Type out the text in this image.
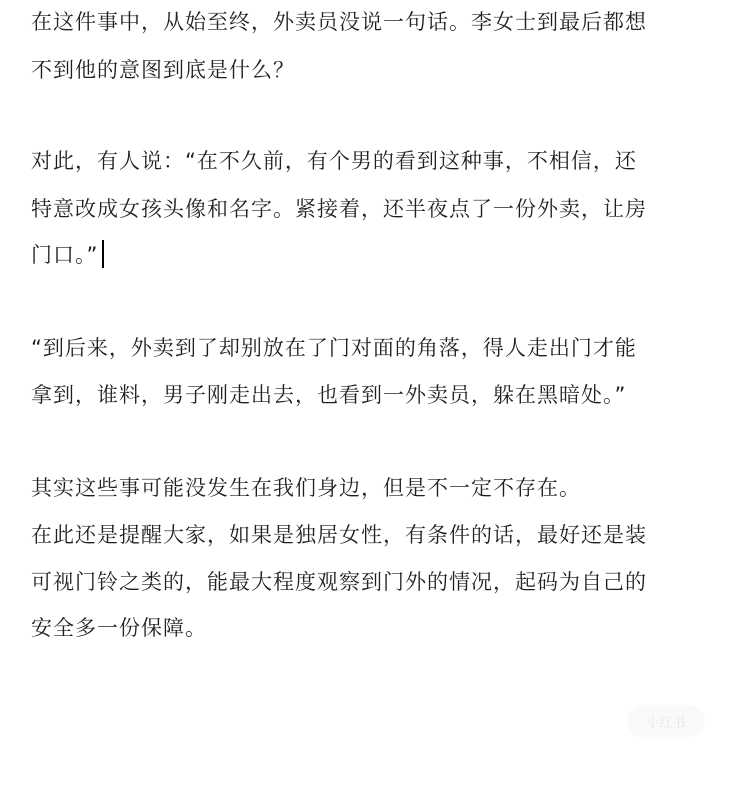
在这件事中，从始至终，外卖员没说一句话。李女士到最后都想
不到他的意图到底是什么？
对此，有人说：“在不久前，有个男的看到这种事，不相信，还
特意改成女孩头像和名字。紧接着，还半夜点了一份外卖，让房
门口。”
“到后来，外卖到了却别放在了门对面的角落，得人走出门才能
拿到，谁料，男子刚走出去，也看到一外卖员，躲在黑暗处。”
其实这些事可能没发生在我们身边，但是不一定不存在。
在此还是提醒大家，如果是独居女性，有条件的话，最好还是装
可视门铃之类的，能最大程度观察到门外的情况，起码为自己的
安全多一份保障。
小红书
